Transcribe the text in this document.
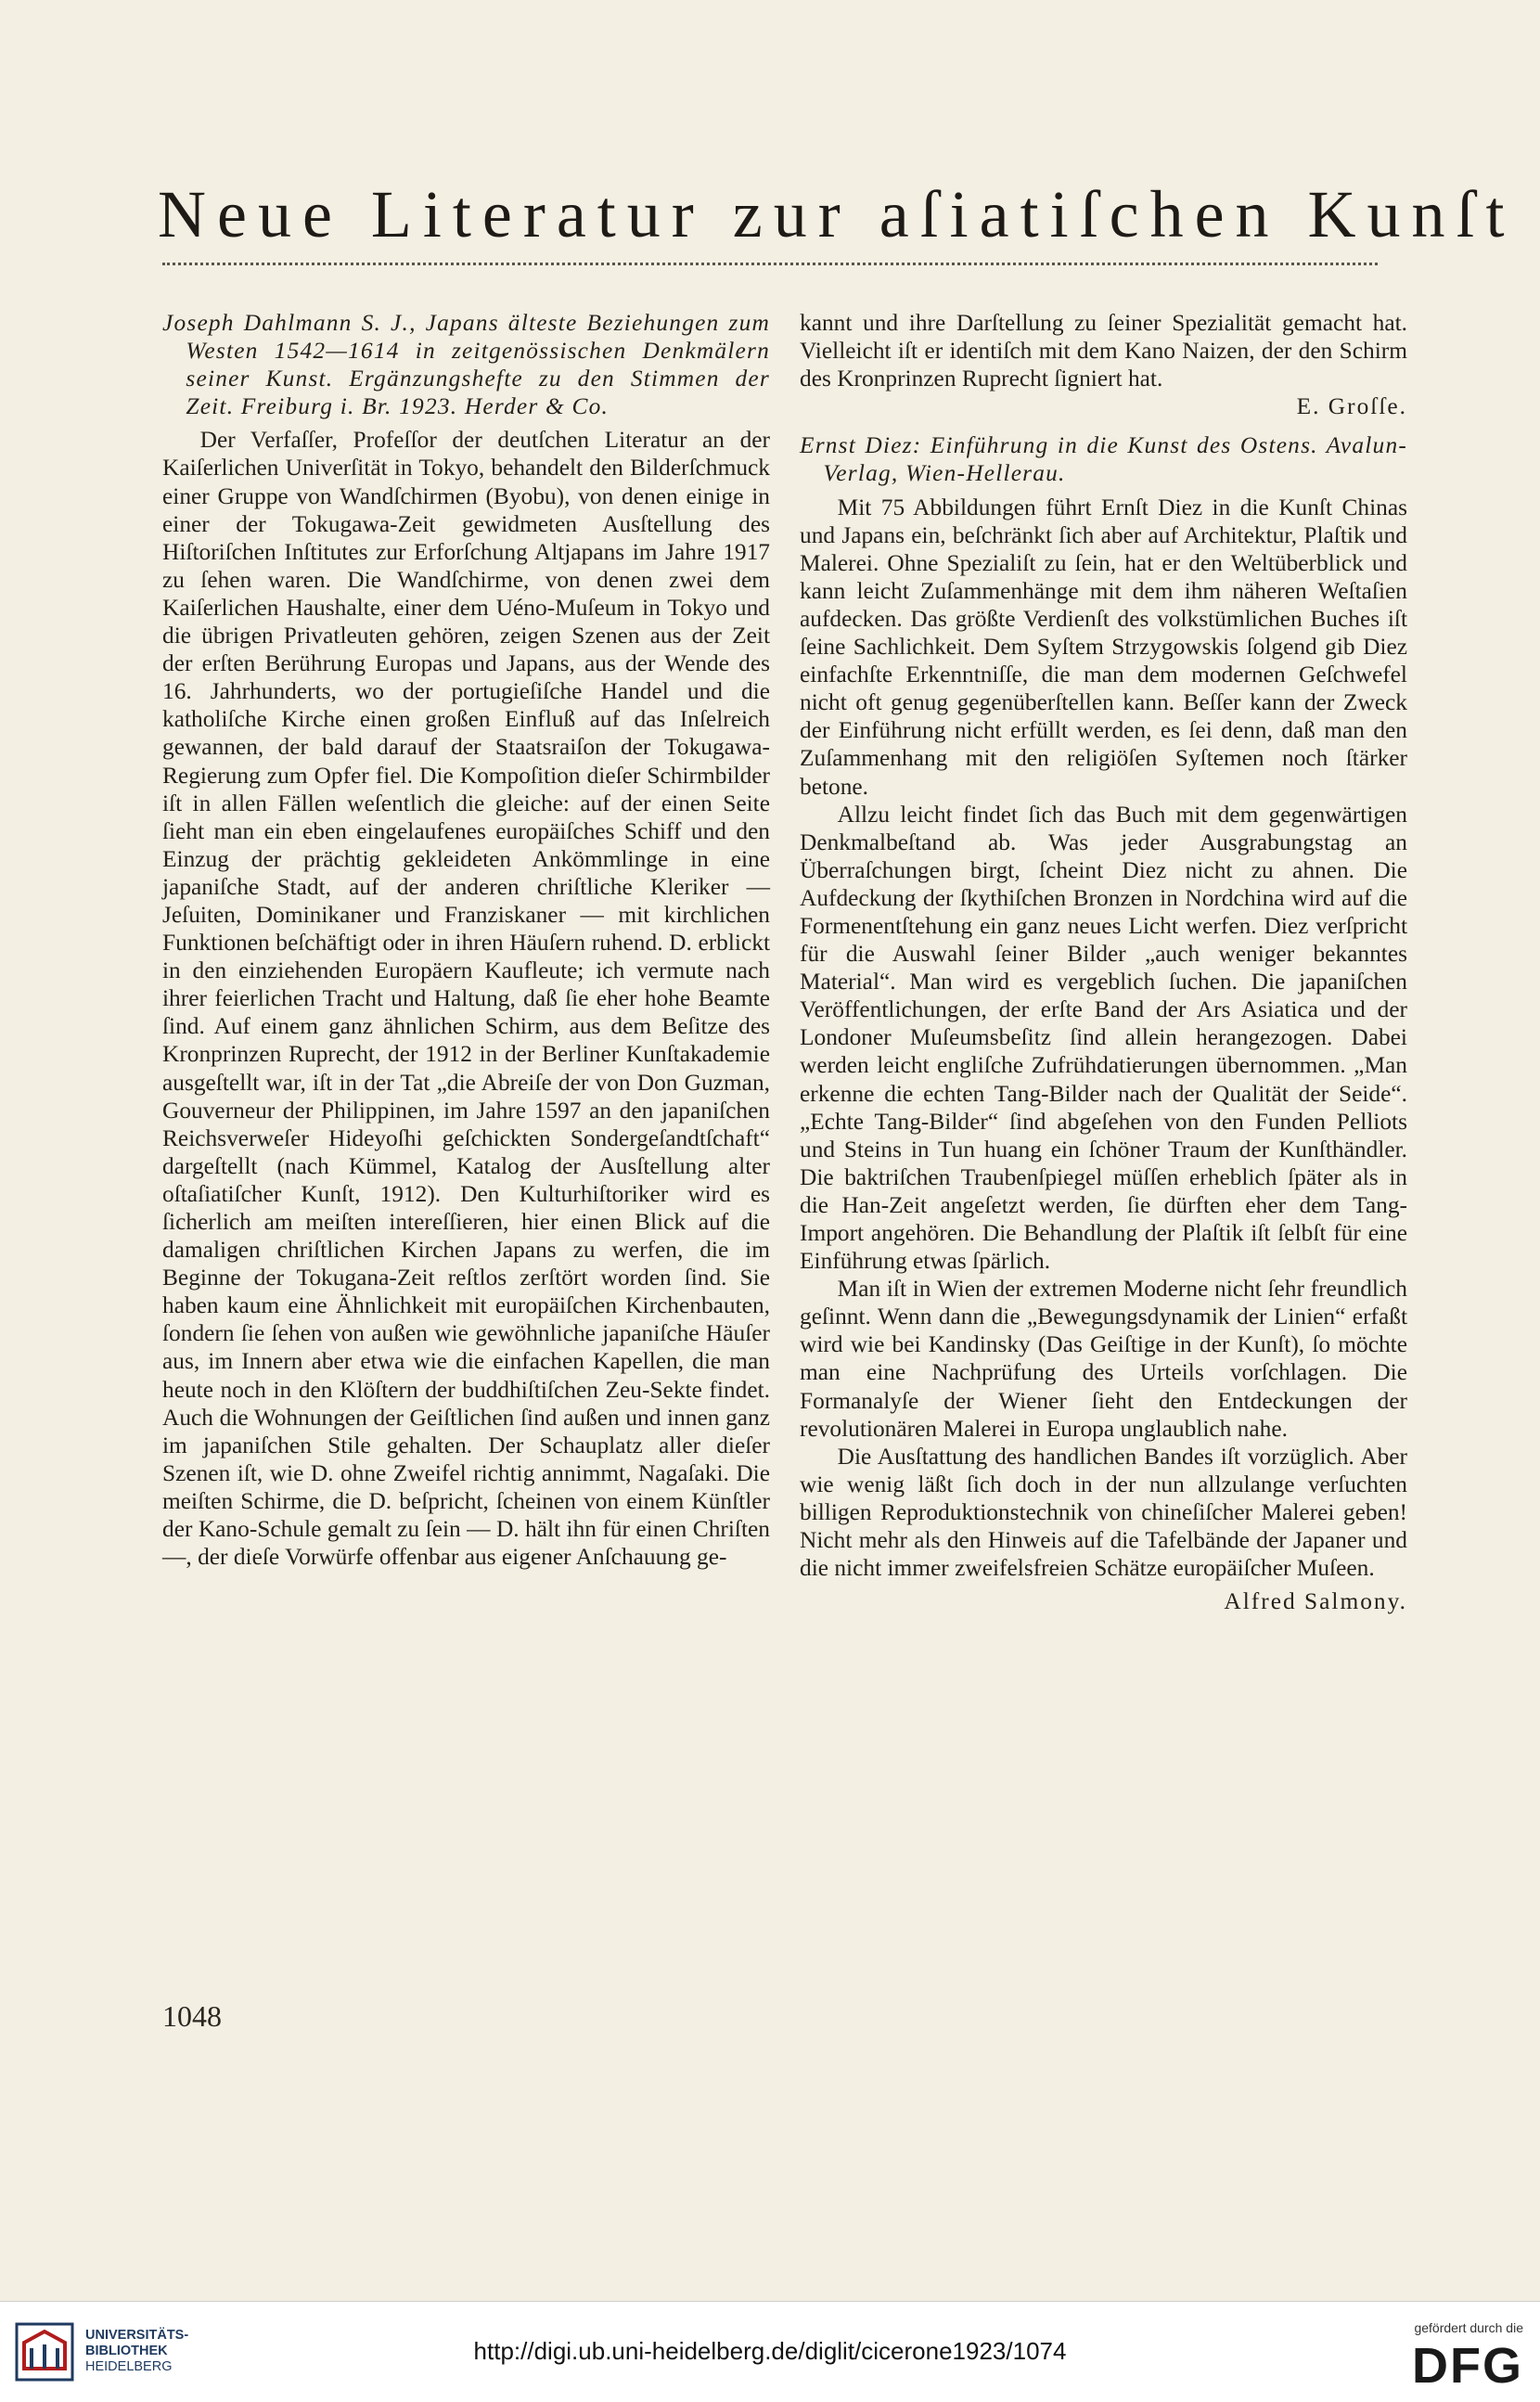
Neue Literatur zur aſiatiſchen Kunſt

Joseph Dahlmann S. J., Japans älteste Beziehungen zum Westen 1542—1614 in zeitgenössischen Denkmälern seiner Kunst. Ergänzungshefte zu den Stimmen der Zeit. Freiburg i. Br. 1923. Herder & Co.

Der Verfaſſer, Profeſſor der deutſchen Literatur an der Kaiſerlichen Univerſität in Tokyo, behandelt den Bilderſchmuck einer Gruppe von Wandſchirmen (Byobu), von denen einige in einer der Tokugawa-Zeit gewidmeten Ausſtellung des Hiſtoriſchen Inſtitutes zur Erforſchung Altjapans im Jahre 1917 zu ſehen waren. Die Wandſchirme, von denen zwei dem Kaiſerlichen Haushalte, einer dem Uéno-Muſeum in Tokyo und die übrigen Privatleuten gehören, zeigen Szenen aus der Zeit der erſten Berührung Europas und Japans, aus der Wende des 16. Jahrhunderts, wo der portugieſiſche Handel und die katholiſche Kirche einen großen Einfluß auf das Inſelreich gewannen, der bald darauf der Staatsraiſon der Tokugawa-Regierung zum Opfer fiel. Die Kompoſition dieſer Schirmbilder iſt in allen Fällen weſentlich die gleiche: auf der einen Seite ſieht man ein eben eingelaufenes europäiſches Schiff und den Einzug der prächtig gekleideten Ankömmlinge in eine japaniſche Stadt, auf der anderen chriſtliche Kleriker — Jeſuiten, Dominikaner und Franziskaner — mit kirchlichen Funktionen beſchäftigt oder in ihren Häuſern ruhend. D. erblickt in den einziehenden Europäern Kaufleute; ich vermute nach ihrer feierlichen Tracht und Haltung, daß ſie eher hohe Beamte ſind. Auf einem ganz ähnlichen Schirm, aus dem Beſitze des Kronprinzen Ruprecht, der 1912 in der Berliner Kunſtakademie ausgeſtellt war, iſt in der Tat „die Abreiſe der von Don Guzman, Gouverneur der Philippinen, im Jahre 1597 an den japaniſchen Reichsverweſer Hideyoſhi geſchickten Sondergeſandtſchaft“ dargeſtellt (nach Kümmel, Katalog der Ausſtellung alter oſtaſiatiſcher Kunſt, 1912). Den Kulturhiſtoriker wird es ſicherlich am meiſten intereſſieren, hier einen Blick auf die damaligen chriſtlichen Kirchen Japans zu werfen, die im Beginne der Tokugana-Zeit reſtlos zerſtört worden ſind. Sie haben kaum eine Ähnlichkeit mit europäiſchen Kirchenbauten, ſondern ſie ſehen von außen wie gewöhnliche japaniſche Häuſer aus, im Innern aber etwa wie die einfachen Kapellen, die man heute noch in den Klöſtern der buddhiſtiſchen Zeu-Sekte findet. Auch die Wohnungen der Geiſtlichen ſind außen und innen ganz im japaniſchen Stile gehalten. Der Schauplatz aller dieſer Szenen iſt, wie D. ohne Zweifel richtig annimmt, Nagaſaki. Die meiſten Schirme, die D. beſpricht, ſcheinen von einem Künſtler der Kano-Schule gemalt zu ſein — D. hält ihn für einen Chriſten —, der dieſe Vorwürfe offenbar aus eigener Anſchauung ge-

kannt und ihre Darſtellung zu ſeiner Spezialität gemacht hat. Vielleicht iſt er identiſch mit dem Kano Naizen, der den Schirm des Kronprinzen Ruprecht ſigniert hat.

E. Groſſe.

Ernst Diez: Einführung in die Kunst des Ostens. Avalun-Verlag, Wien-Hellerau.

Mit 75 Abbildungen führt Ernſt Diez in die Kunſt Chinas und Japans ein, beſchränkt ſich aber auf Architektur, Plaſtik und Malerei. Ohne Spezialiſt zu ſein, hat er den Weltüberblick und kann leicht Zuſammenhänge mit dem ihm näheren Weſtaſien aufdecken. Das größte Verdienſt des volkstümlichen Buches iſt ſeine Sachlichkeit. Dem Syſtem Strzygowskis ſolgend gib Diez einfachſte Erkenntniſſe, die man dem modernen Geſchwefel nicht oft genug gegenüberſtellen kann. Beſſer kann der Zweck der Einführung nicht erfüllt werden, es ſei denn, daß man den Zuſammenhang mit den religiöſen Syſtemen noch ſtärker betone.

Allzu leicht findet ſich das Buch mit dem gegenwärtigen Denkmalbeſtand ab. Was jeder Ausgrabungstag an Überraſchungen birgt, ſcheint Diez nicht zu ahnen. Die Aufdeckung der ſkythiſchen Bronzen in Nordchina wird auf die Formenentſtehung ein ganz neues Licht werfen. Diez verſpricht für die Auswahl ſeiner Bilder „auch weniger bekanntes Material“. Man wird es vergeblich ſuchen. Die japaniſchen Veröffentlichungen, der erſte Band der Ars Asiatica und der Londoner Muſeumsbeſitz ſind allein herangezogen. Dabei werden leicht engliſche Zufrühdatierungen übernommen. „Man erkenne die echten Tang-Bilder nach der Qualität der Seide“. „Echte Tang-Bilder“ ſind abgeſehen von den Funden Pelliots und Steins in Tun huang ein ſchöner Traum der Kunſthändler. Die baktriſchen Traubenſpiegel müſſen erheblich ſpäter als in die Han-Zeit angeſetzt werden, ſie dürften eher dem Tang-Import angehören. Die Behandlung der Plaſtik iſt ſelbſt für eine Einführung etwas ſpärlich.

Man iſt in Wien der extremen Moderne nicht ſehr freundlich geſinnt. Wenn dann die „Bewegungsdynamik der Linien“ erfaßt wird wie bei Kandinsky (Das Geiſtige in der Kunſt), ſo möchte man eine Nachprüfung des Urteils vorſchlagen. Die Formanalyſe der Wiener ſieht den Entdeckungen der revolutionären Malerei in Europa unglaublich nahe.

Die Ausſtattung des handlichen Bandes iſt vorzüglich. Aber wie wenig läßt ſich doch in der nun allzulange verſuchten billigen Reproduktionstechnik von chineſiſcher Malerei geben! Nicht mehr als den Hinweis auf die Tafelbände der Japaner und die nicht immer zweifelsfreien Schätze europäiſcher Muſeen.

Alfred Salmony.

1048
UNIVERSITÄTS-
BIBLIOTHEK
HEIDELBERG
http://digi.ub.uni-heidelberg.de/diglit/cicerone1923/1074
gefördert durch die
DFG
